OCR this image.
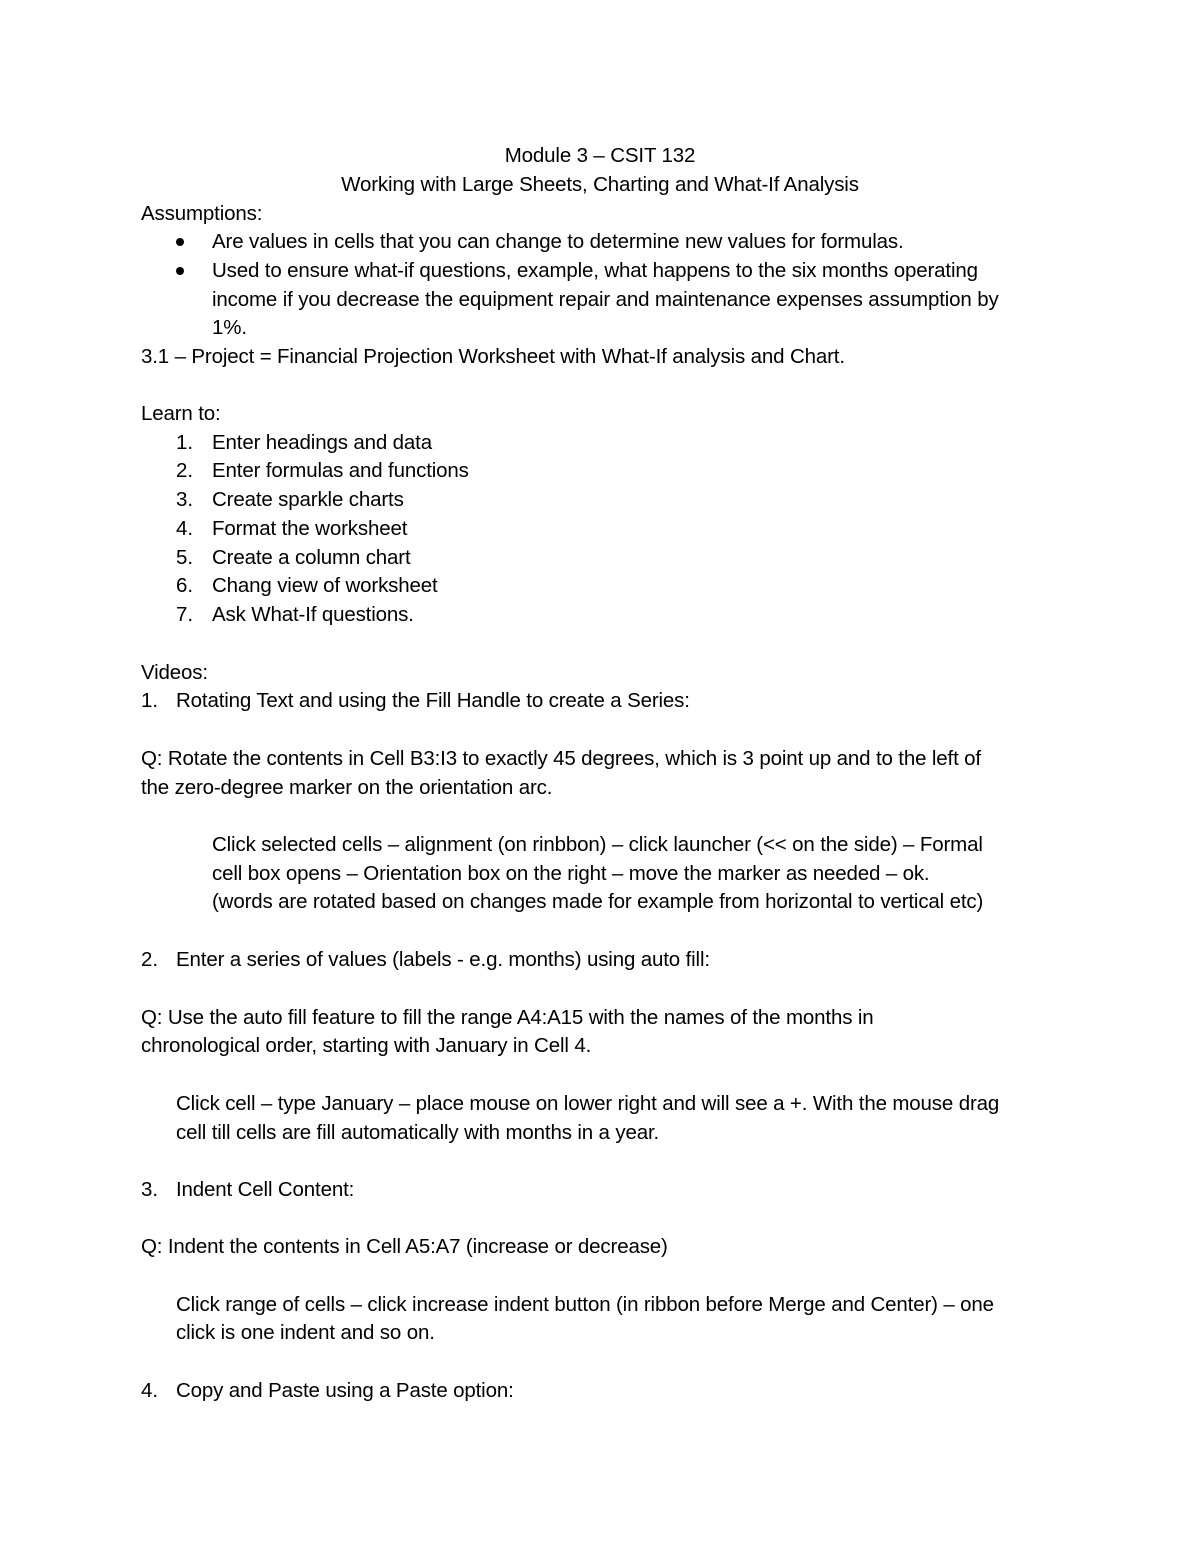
Module 3 – CSIT 132
Working with Large Sheets, Charting and What-If Analysis
Assumptions:
Are values in cells that you can change to determine new values for formulas.
Used to ensure what-if questions, example, what happens to the six months operating
income if you decrease the equipment repair and maintenance expenses assumption by
1%.
3.1 – Project = Financial Projection Worksheet with What-If analysis and Chart.
Learn to:
1. Enter headings and data
2. Enter formulas and functions
3. Create sparkle charts
4. Format the worksheet
5. Create a column chart
6. Chang view of worksheet
7. Ask What-If questions.
Videos:
1. Rotating Text and using the Fill Handle to create a Series:
Q: Rotate the contents in Cell B3:I3 to exactly 45 degrees, which is 3 point up and to the left of
the zero-degree marker on the orientation arc.
Click selected cells – alignment (on rinbbon) – click launcher (<< on the side) – Formal
cell box opens – Orientation box on the right – move the marker as needed – ok.
(words are rotated based on changes made for example from horizontal to vertical etc)
2. Enter a series of values (labels - e.g. months) using auto fill:
Q: Use the auto fill feature to fill the range A4:A15 with the names of the months in
chronological order, starting with January in Cell 4.
Click cell – type January – place mouse on lower right and will see a +. With the mouse drag
cell till cells are fill automatically with months in a year.
3. Indent Cell Content:
Q: Indent the contents in Cell A5:A7 (increase or decrease)
Click range of cells – click increase indent button (in ribbon before Merge and Center) – one
click is one indent and so on.
4. Copy and Paste using a Paste option:
